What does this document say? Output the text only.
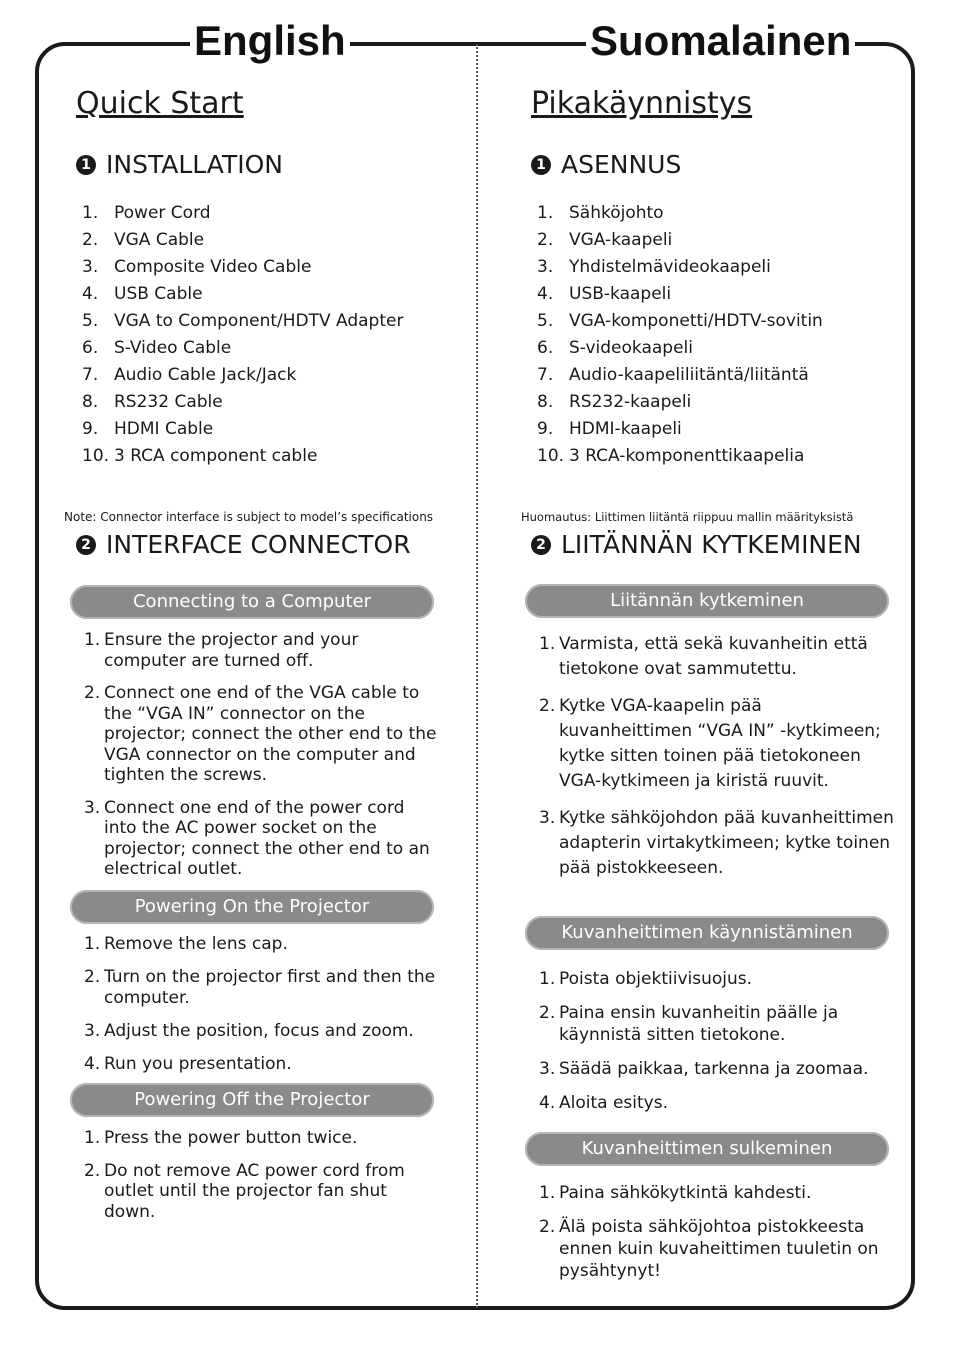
English	Suomalainen
Quick Start
1 INSTALLATION
1. Power Cord
2. VGA Cable
3. Composite Video Cable
4. USB Cable
5. VGA to Component/HDTV Adapter
6. S-Video Cable
7. Audio Cable Jack/Jack
8. RS232 Cable
9. HDMI Cable
10. 3 RCA component cable
Note: Connector interface is subject to model’s specifications
2 INTERFACE CONNECTOR
Connecting to a Computer
1. Ensure the projector and your computer are turned off.
2. Connect one end of the VGA cable to the “VGA IN” connector on the projector; connect the other end to the VGA connector on the computer and tighten the screws.
3. Connect one end of the power cord into the AC power socket on the projector; connect the other end to an electrical outlet.
Powering On the Projector
1. Remove the lens cap.
2. Turn on the projector first and then the computer.
3. Adjust the position, focus and zoom.
4. Run you presentation.
Powering Off the Projector
1. Press the power button twice.
2. Do not remove AC power cord from outlet until the projector fan shut down.
Pikakäynnistys
1 ASENNUS
1. Sähköjohto
2. VGA-kaapeli
3. Yhdistelmävideokaapeli
4. USB-kaapeli
5. VGA-komponetti/HDTV-sovitin
6. S-videokaapeli
7. Audio-kaapeliliitäntä/liitäntä
8. RS232-kaapeli
9. HDMI-kaapeli
10. 3 RCA-komponenttikaapelia
Huomautus: Liittimen liitäntä riippuu mallin määrityksistä
2 LIITÄNNÄN KYTKEMINEN
Liitännän kytkeminen
1. Varmista, että sekä kuvanheitin että tietokone ovat sammutettu.
2. Kytke VGA-kaapelin pää kuvanheittimen “VGA IN” -kytkimeen; kytke sitten toinen pää tietokoneen VGA-kytkimeen ja kiristä ruuvit.
3. Kytke sähköjohdon pää kuvanheittimen adapterin virtakytkimeen; kytke toinen pää pistokkeeseen.
Kuvanheittimen käynnistäminen
1. Poista objektiivisuojus.
2. Paina ensin kuvanheitin päälle ja käynnistä sitten tietokone.
3. Säädä paikkaa, tarkenna ja zoomaa.
4. Aloita esitys.
Kuvanheittimen sulkeminen
1. Paina sähkökytkintä kahdesti.
2. Älä poista sähköjohtoa pistokkeesta ennen kuin kuvaheittimen tuuletin on pysähtynyt!
